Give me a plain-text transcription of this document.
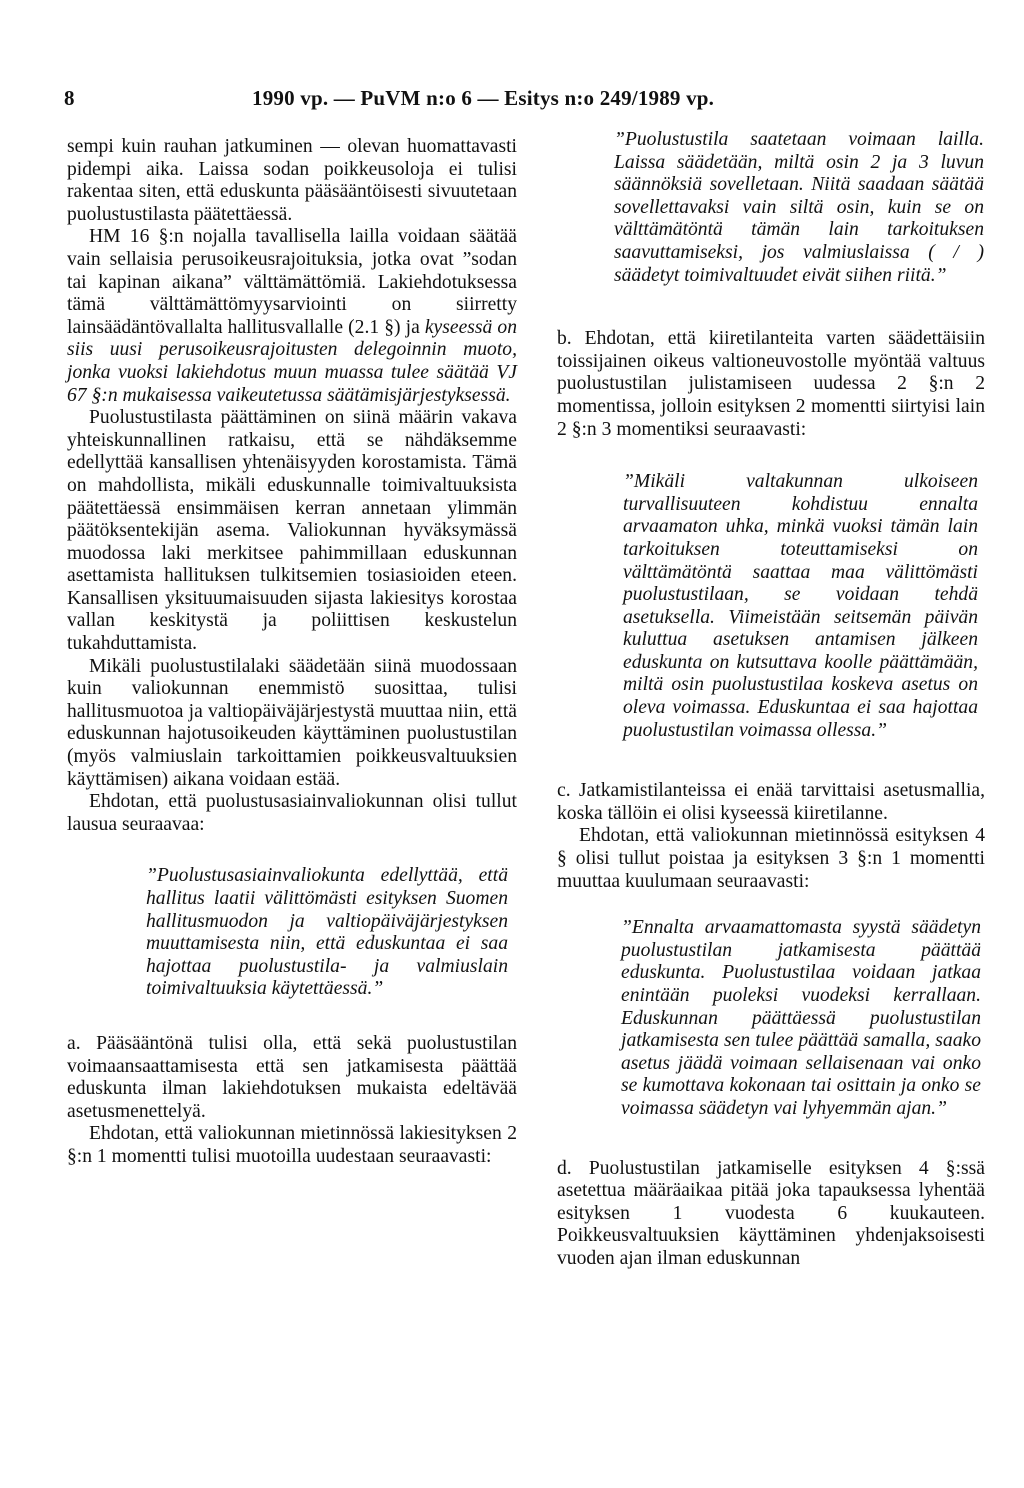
8	1990 vp. — PuVM n:o 6 — Esitys n:o 249/1989 vp.

sempi kuin rauhan jatkuminen — olevan huomattavasti pidempi aika. Laissa sodan poikkeusoloja ei tulisi rakentaa siten, että eduskunta pääsääntöisesti sivuutetaan puolustustilasta päätettäessä.

HM 16 §:n nojalla tavallisella lailla voidaan säätää vain sellaisia perusoikeusrajoituksia, jotka ovat ”sodan tai kapinan aikana” välttämättömiä. Lakiehdotuksessa tämä välttämättömyysarviointi on siirretty lainsäädäntövallalta hallitusvallalle (2.1 §) ja kyseessä on siis uusi perusoikeusrajoitusten delegoinnin muoto, jonka vuoksi lakiehdotus muun muassa tulee säätää VJ 67 §:n mukaisessa vaikeutetussa säätämisjärjestyksessä.

Puolustustilasta päättäminen on siinä määrin vakava yhteiskunnallinen ratkaisu, että se nähdäksemme edellyttää kansallisen yhtenäisyyden korostamista. Tämä on mahdollista, mikäli eduskunnalle toimivaltuuksista päätettäessä ensimmäisen kerran annetaan ylimmän päätöksentekijän asema. Valiokunnan hyväksymässä muodossa laki merkitsee pahimmillaan eduskunnan asettamista hallituksen tulkitsemien tosiasioiden eteen. Kansallisen yksituumaisuuden sijasta lakiesitys korostaa vallan keskitystä ja poliittisen keskustelun tukahduttamista.

Mikäli puolustustilalaki säädetään siinä muodossaan kuin valiokunnan enemmistö suosittaa, tulisi hallitusmuotoa ja valtiopäiväjärjestystä muuttaa niin, että eduskunnan hajotusoikeuden käyttäminen puolustustilan (myös valmiuslain tarkoittamien poikkeusvaltuuksien käyttämisen) aikana voidaan estää.

Ehdotan, että puolustusasiainvaliokunnan olisi tullut lausua seuraavaa:

”Puolustusasiainvaliokunta edellyttää, että hallitus laatii välittömästi esityksen Suomen hallitusmuodon ja valtiopäiväjärjestyksen muuttamisesta niin, että eduskuntaa ei saa hajottaa puolustustila- ja valmiuslain toimivaltuuksia käytettäessä.”

a. Pääsääntönä tulisi olla, että sekä puolustustilan voimaansaattamisesta että sen jatkamisesta päättää eduskunta ilman lakiehdotuksen mukaista edeltävää asetusmenettelyä.

Ehdotan, että valiokunnan mietinnössä lakiesityksen 2 §:n 1 momentti tulisi muotoilla uudestaan seuraavasti:

”Puolustustila saatetaan voimaan lailla. Laissa säädetään, miltä osin 2 ja 3 luvun säännöksiä sovelletaan. Niitä saadaan säätää sovellettavaksi vain siltä osin, kuin se on välttämätöntä tämän lain tarkoituksen saavuttamiseksi, jos valmiuslaissa ( / ) säädetyt toimivaltuudet eivät siihen riitä.”

b. Ehdotan, että kiiretilanteita varten säädettäisiin toissijainen oikeus valtioneuvostolle myöntää valtuus puolustustilan julistamiseen uudessa 2 §:n 2 momentissa, jolloin esityksen 2 momentti siirtyisi lain 2 §:n 3 momentiksi seuraavasti:

”Mikäli valtakunnan ulkoiseen turvallisuuteen kohdistuu ennalta arvaamaton uhka, minkä vuoksi tämän lain tarkoituksen toteuttamiseksi on välttämätöntä saattaa maa välittömästi puolustustilaan, se voidaan tehdä asetuksella. Viimeistään seitsemän päivän kuluttua asetuksen antamisen jälkeen eduskunta on kutsuttava koolle päättämään, miltä osin puolustustilaa koskeva asetus on oleva voimassa. Eduskuntaa ei saa hajottaa puolustustilan voimassa ollessa.”

c. Jatkamistilanteissa ei enää tarvittaisi asetusmallia, koska tällöin ei olisi kyseessä kiiretilanne.

Ehdotan, että valiokunnan mietinnössä esityksen 4 § olisi tullut poistaa ja esityksen 3 §:n 1 momentti muuttaa kuulumaan seuraavasti:

”Ennalta arvaamattomasta syystä säädetyn puolustustilan jatkamisesta päättää eduskunta. Puolustustilaa voidaan jatkaa enintään puoleksi vuodeksi kerrallaan. Eduskunnan päättäessä puolustustilan jatkamisesta sen tulee päättää samalla, saako asetus jäädä voimaan sellaisenaan vai onko se kumottava kokonaan tai osittain ja onko se voimassa säädetyn vai lyhyemmän ajan.”

d. Puolustustilan jatkamiselle esityksen 4 §:ssä asetettua määräaikaa pitää joka tapauksessa lyhentää esityksen 1 vuodesta 6 kuukauteen. Poikkeusvaltuuksien käyttäminen yhdenjaksoisesti vuoden ajan ilman eduskunnan
